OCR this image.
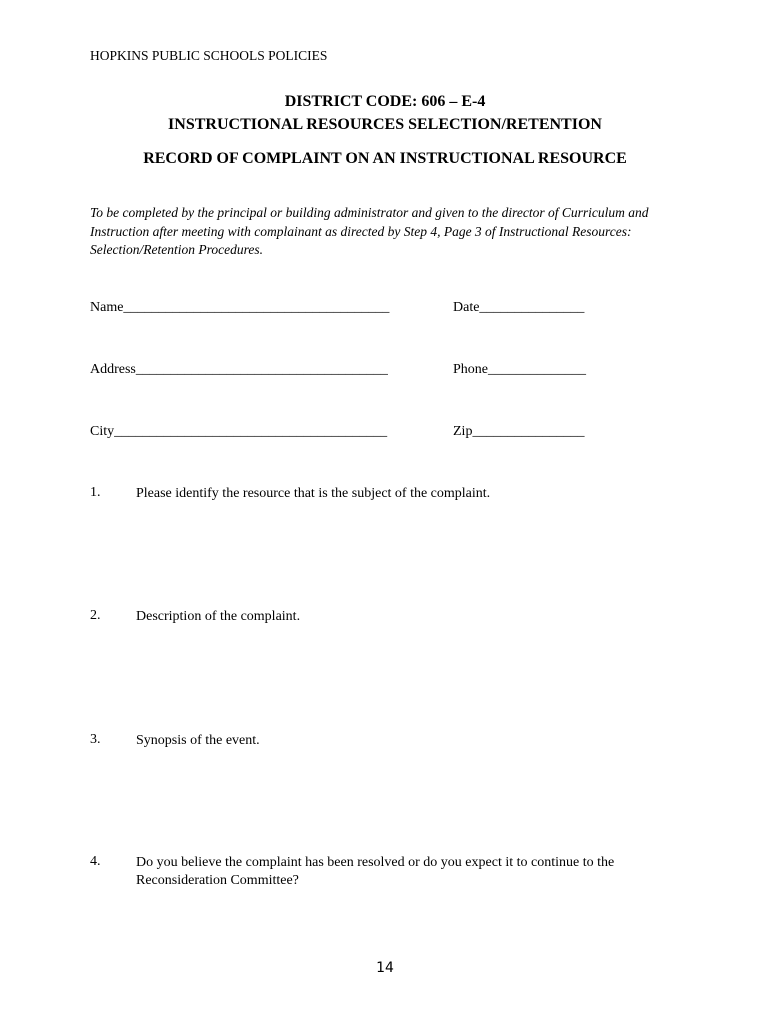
HOPKINS PUBLIC SCHOOLS POLICIES
DISTRICT CODE: 606 – E-4
INSTRUCTIONAL RESOURCES SELECTION/RETENTION
RECORD OF COMPLAINT ON AN INSTRUCTIONAL RESOURCE
To be completed by the principal or building administrator and given to the director of Curriculum and Instruction after meeting with complainant as directed by Step 4, Page 3 of Instructional Resources: Selection/Retention Procedures.
Name______________________________________	Date_______________
Address____________________________________	Phone______________
City_______________________________________	Zip________________
1.	Please identify the resource that is the subject of the complaint.
2.	Description of the complaint.
3.	Synopsis of the event.
4.	Do you believe the complaint has been resolved or do you expect it to continue to the Reconsideration Committee?
14
